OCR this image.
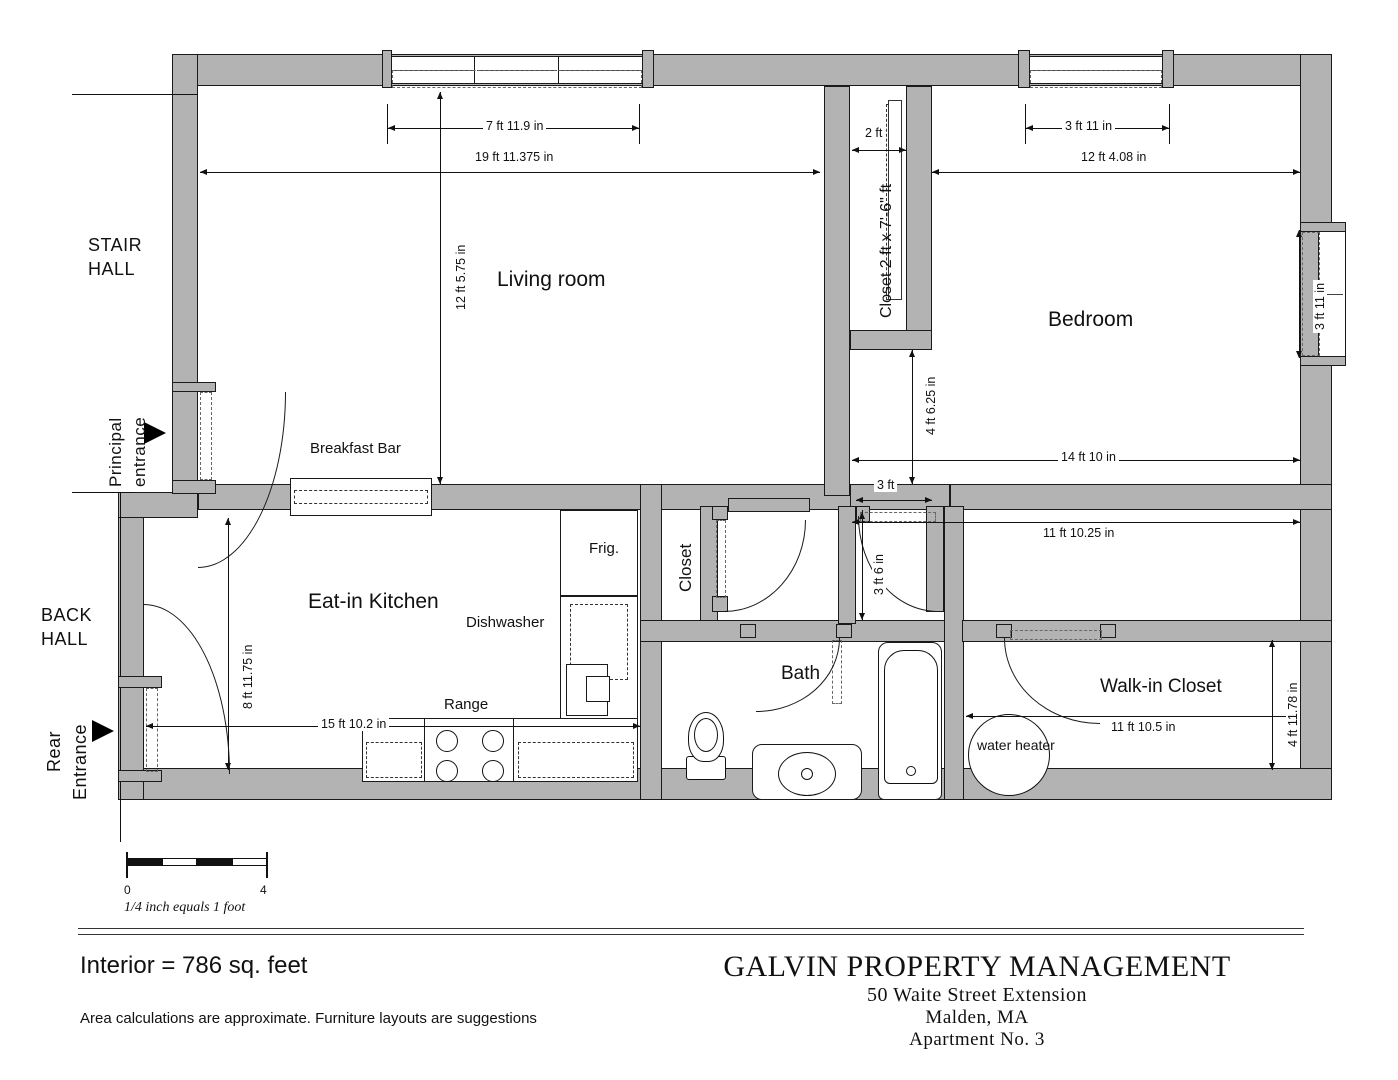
Living room
Bedroom
Eat-in Kitchen
Bath
Closet
Walk-in Closet
Closet 2 ft x 7'-6" ft
STAIR
HALL
BACK
HALL
Principal entrance
Rear Entrance
Breakfast Bar
Frig.
Dishwasher
Range
water heater
7 ft 11.9 in
19 ft 11.375 in
12 ft 5.75 in
2 ft	3 ft 11 in
12 ft 4.08 in
3 ft 11 in
4 ft 6.25 in
14 ft 10 in
3 ft
11 ft 10.25 in
3 ft 6 in
8 ft 11.75 in
15 ft 10.2 in	11 ft 10.5 in	4 ft 11.78 in
0	4
1/4 inch equals 1 foot
Interior = 786 sq. feet
Area calculations are approximate. Furniture layouts are suggestions
GALVIN PROPERTY MANAGEMENT
50 Waite Street Extension
Malden, MA
Apartment No. 3
